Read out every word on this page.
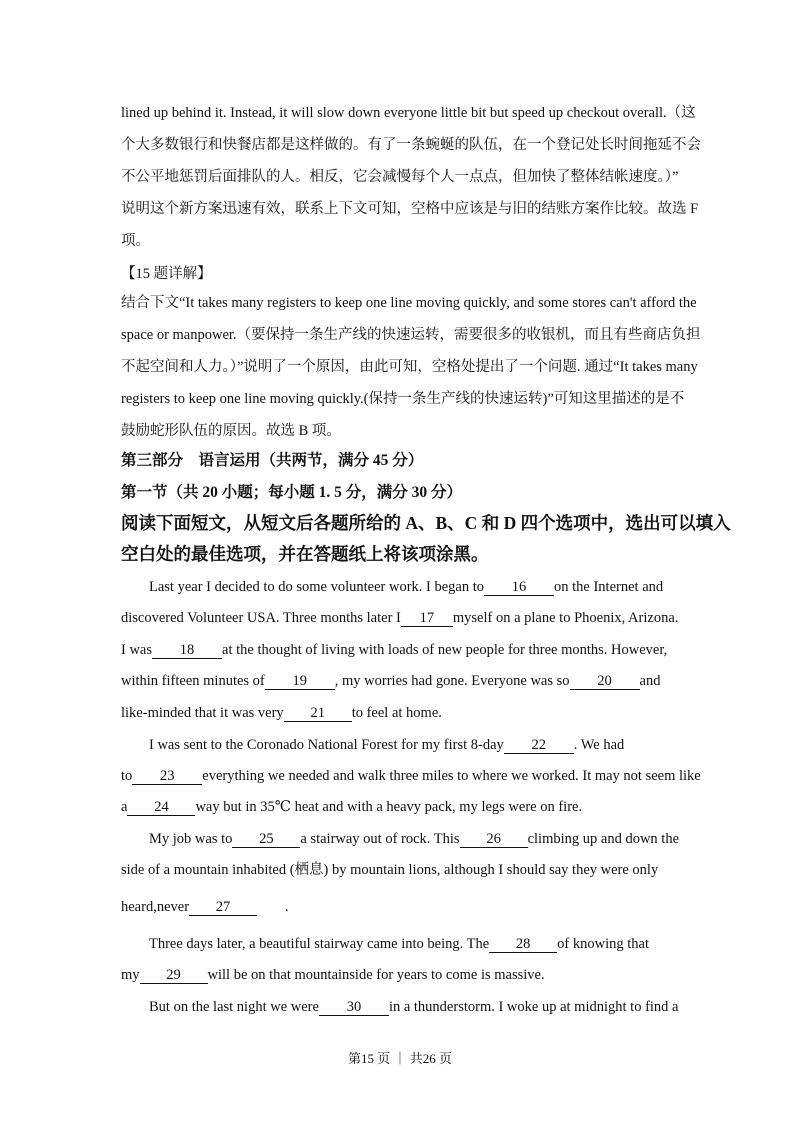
lined up behind it. Instead, it will slow down everyone little bit but speed up checkout overall.（这
个大多数银行和快餐店都是这样做的。有了一条蜿蜒的队伍，在一个登记处长时间拖延不会
不公平地惩罚后面排队的人。相反，它会减慢每个人一点点，但加快了整体结帐速度。）”
说明这个新方案迅速有效，联系上下文可知，空格中应该是与旧的结账方案作比较。故选 F
项。
【15 题详解】
结合下文“It takes many registers to keep one line moving quickly, and some stores can't afford the
space or manpower.（要保持一条生产线的快速运转，需要很多的收银机，而且有些商店负担
不起空间和人力。）”说明了一个原因，由此可知，空格处提出了一个问题. 通过“It takes many
registers to keep one line moving quickly.(保持一条生产线的快速运转)”可知这里描述的是不
鼓励蛇形队伍的原因。故选 B 项。
第三部分　语言运用（共两节，满分 45 分）
第一节（共 20 小题；每小题 1. 5 分，满分 30 分）
阅读下面短文，从短文后各题所给的 A、B、C 和 D 四个选项中，选出可以填入
空白处的最佳选项，并在答题纸上将该项涂黑。
Last year I decided to do some volunteer work. I began to 16 on the Internet and
discovered Volunteer USA. Three months later I 17 myself on a plane to Phoenix, Arizona.
I was 18 at the thought of living with loads of new people for three months. However,
within fifteen minutes of 19 , my worries had gone. Everyone was so 20 and
like-minded that it was very 21 to feel at home.
I was sent to the Coronado National Forest for my first 8-day 22 . We had
to 23 everything we needed and walk three miles to where we worked. It may not seem like
a 24 way but in 35℃ heat and with a heavy pack, my legs were on fire.
My job was to 25 a stairway out of rock. This 26 climbing up and down the
side of a mountain inhabited (栖息) by mountain lions, although I should say they were only
heard,never 27	.
Three days later, a beautiful stairway came into being. The 28 of knowing that
my 29 will be on that mountainside for years to come is massive.
But on the last night we were 30 in a thunderstorm. I woke up at midnight to find a
第15 页 ｜ 共26 页
